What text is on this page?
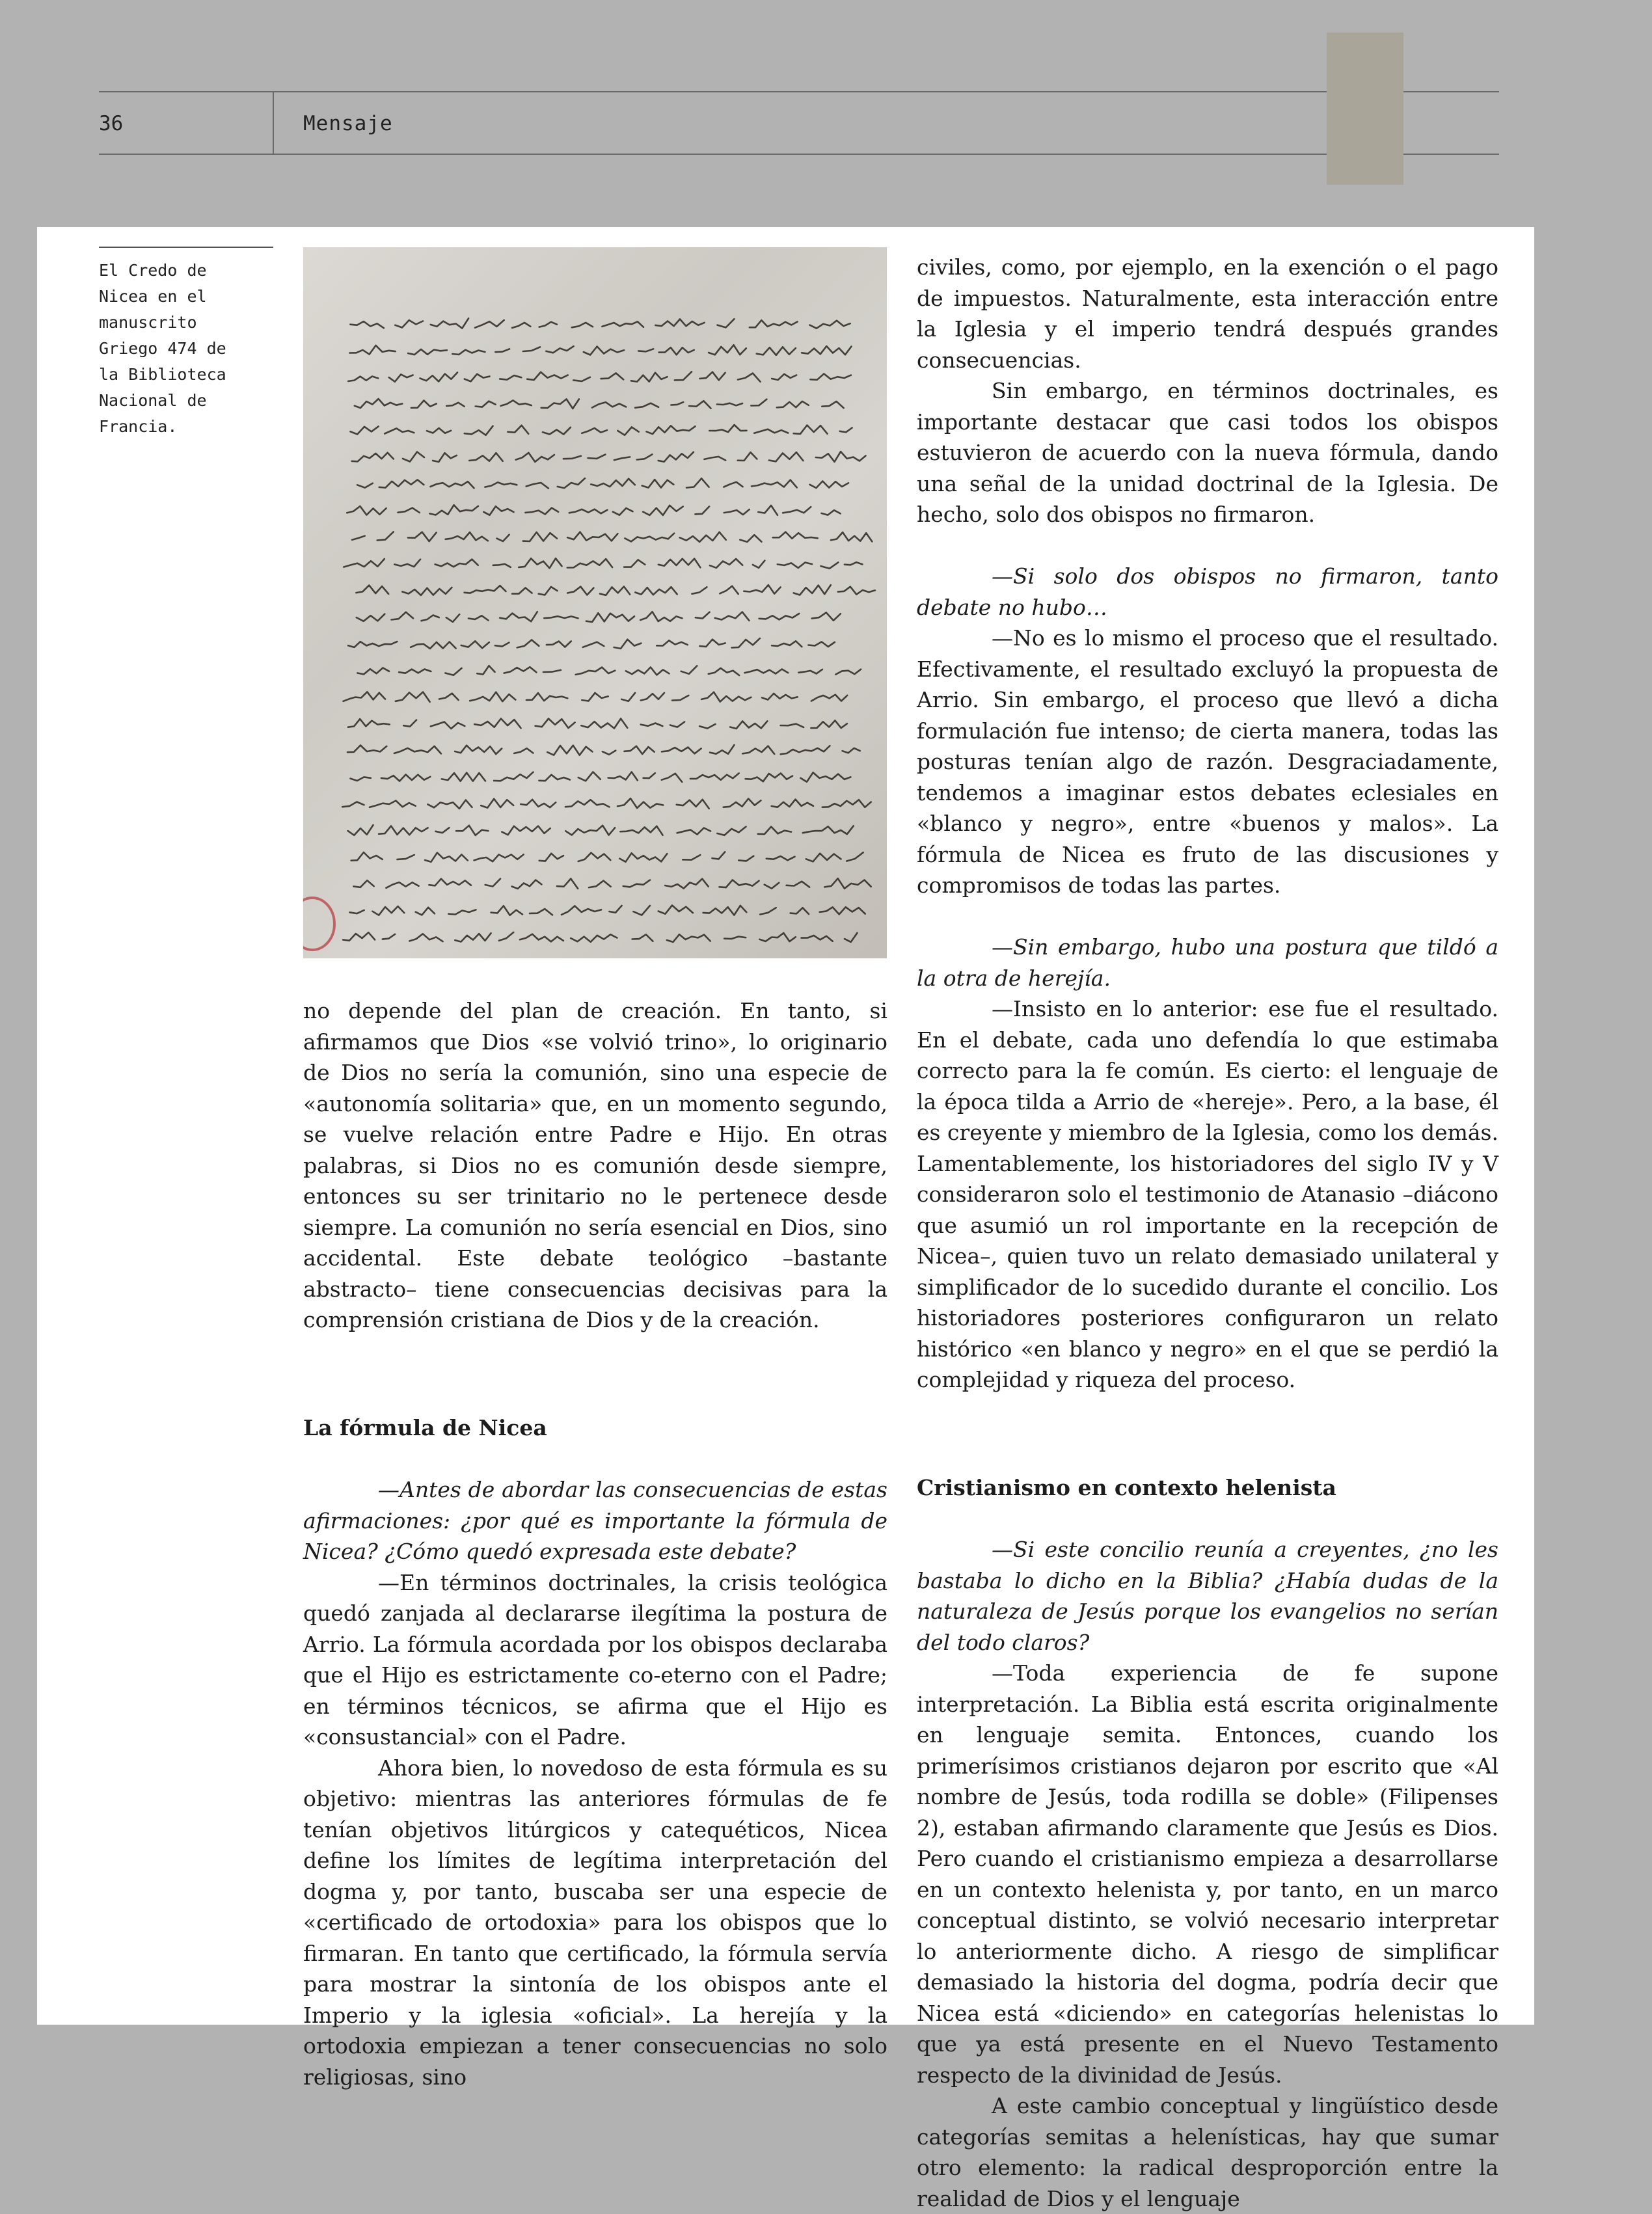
36	Mensaje
El Credo de
Nicea en el
manuscrito
Griego 474 de
la Biblioteca
Nacional de
Francia.

no depende del plan de creación. En tanto, si afirmamos que Dios «se volvió trino», lo originario de Dios no sería la comunión, sino una especie de «autonomía solitaria» que, en un momento segundo, se vuelve relación entre Padre e Hijo. En otras palabras, si Dios no es comunión desde siempre, entonces su ser trinitario no le pertenece desde siempre. La comunión no sería esencial en Dios, sino accidental. Este debate teológico –bastante abstracto– tiene consecuencias decisivas para la comprensión cristiana de Dios y de la creación.

La fórmula de Nicea

—Antes de abordar las consecuencias de estas afirmaciones: ¿por qué es importante la fórmula de Nicea? ¿Cómo quedó expresada este debate?

—En términos doctrinales, la crisis teológica quedó zanjada al declararse ilegítima la postura de Arrio. La fórmula acordada por los obispos declaraba que el Hijo es estrictamente co-eterno con el Padre; en términos técnicos, se afirma que el Hijo es «consustancial» con el Padre.

Ahora bien, lo novedoso de esta fórmula es su objetivo: mientras las anteriores fórmulas de fe tenían objetivos litúrgicos y catequéticos, Nicea define los límites de legítima interpretación del dogma y, por tanto, buscaba ser una especie de «certificado de ortodoxia» para los obispos que lo firmaran. En tanto que certificado, la fórmula servía para mostrar la sintonía de los obispos ante el Imperio y la iglesia «oficial». La herejía y la ortodoxia empiezan a tener consecuencias no solo religiosas, sino

civiles, como, por ejemplo, en la exención o el pago de impuestos. Naturalmente, esta interacción entre la Iglesia y el imperio tendrá después grandes consecuencias.

Sin embargo, en términos doctrinales, es importante destacar que casi todos los obispos estuvieron de acuerdo con la nueva fórmula, dando una señal de la unidad doctrinal de la Iglesia. De hecho, solo dos obispos no firmaron.

—Si solo dos obispos no firmaron, tanto debate no hubo…

—No es lo mismo el proceso que el resultado. Efectivamente, el resultado excluyó la propuesta de Arrio. Sin embargo, el proceso que llevó a dicha formulación fue intenso; de cierta manera, todas las posturas tenían algo de razón. Desgraciadamente, tendemos a imaginar estos debates eclesiales en «blanco y negro», entre «buenos y malos». La fórmula de Nicea es fruto de las discusiones y compromisos de todas las partes.

—Sin embargo, hubo una postura que tildó a la otra de herejía.

—Insisto en lo anterior: ese fue el resultado. En el debate, cada uno defendía lo que estimaba correcto para la fe común. Es cierto: el lenguaje de la época tilda a Arrio de «hereje». Pero, a la base, él es creyente y miembro de la Iglesia, como los demás. Lamentablemente, los historiadores del siglo IV y V consideraron solo el testimonio de Atanasio –diácono que asumió un rol importante en la recepción de Nicea–, quien tuvo un relato demasiado unilateral y simplificador de lo sucedido durante el concilio. Los historiadores posteriores configuraron un relato histórico «en blanco y negro» en el que se perdió la complejidad y riqueza del proceso.

Cristianismo en contexto helenista

—Si este concilio reunía a creyentes, ¿no les bastaba lo dicho en la Biblia? ¿Había dudas de la naturaleza de Jesús porque los evangelios no serían del todo claros?

—Toda experiencia de fe supone interpretación. La Biblia está escrita originalmente en lenguaje semita. Entonces, cuando los primerísimos cristianos dejaron por escrito que «Al nombre de Jesús, toda rodilla se doble» (Filipenses 2), estaban afirmando claramente que Jesús es Dios. Pero cuando el cristianismo empieza a desarrollarse en un contexto helenista y, por tanto, en un marco conceptual distinto, se volvió necesario interpretar lo anteriormente dicho. A riesgo de simplificar demasiado la historia del dogma, podría decir que Nicea está «diciendo» en categorías helenistas lo que ya está presente en el Nuevo Testamento respecto de la divinidad de Jesús.

A este cambio conceptual y lingüístico desde categorías semitas a helenísticas, hay que sumar otro elemento: la radical desproporción entre la realidad de Dios y el lenguaje
